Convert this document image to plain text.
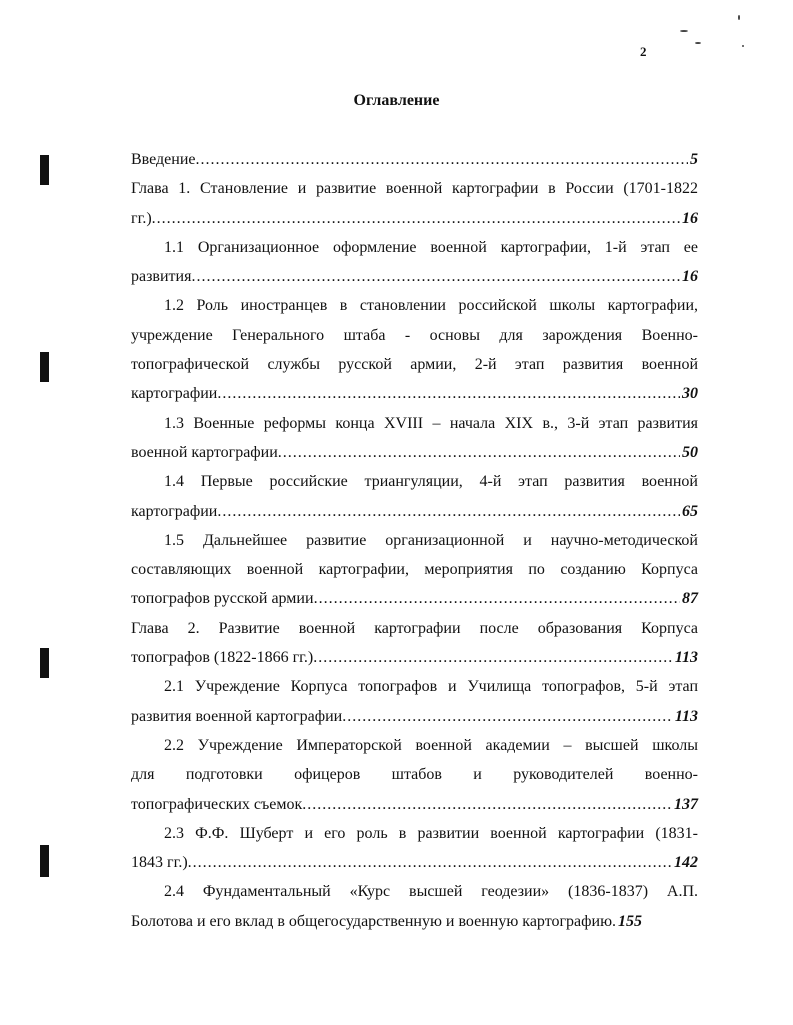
2
Оглавление
Введение .....	5
Глава 1. Становление и развитие военной картографии в России (1701-1822
гг.) .....	16
1.1 Организационное оформление военной картографии, 1-й этап ее
развития .....	16
1.2 Роль иностранцев в становлении российской школы картографии,
учреждение Генерального штаба - основы для зарождения Военно-
топографической службы русской армии, 2-й этап развития военной
картографии .....	30
1.3 Военные реформы конца XVIII – начала XIX в., 3-й этап развития
военной картографии .....	50
1.4 Первые российские триангуляции, 4-й этап развития военной
картографии .....	65
1.5 Дальнейшее развитие организационной и научно-методической
составляющих военной картографии, мероприятия по созданию Корпуса
топографов русской армии .....	87
Глава 2. Развитие военной картографии после образования Корпуса
топографов (1822-1866 гг.) .....	113
2.1 Учреждение Корпуса топографов и Училища топографов, 5-й этап
развития военной картографии .....	113
2.2 Учреждение Императорской военной академии – высшей школы
для подготовки офицеров штабов и руководителей военно-
топографических съемок .....	137
2.3 Ф.Ф. Шуберт и его роль в развитии военной картографии (1831-
1843 гг.) .....	142
2.4 Фундаментальный «Курс высшей геодезии» (1836-1837) А.П.
Болотова и его вклад в общегосударственную и военную картографию. 155
